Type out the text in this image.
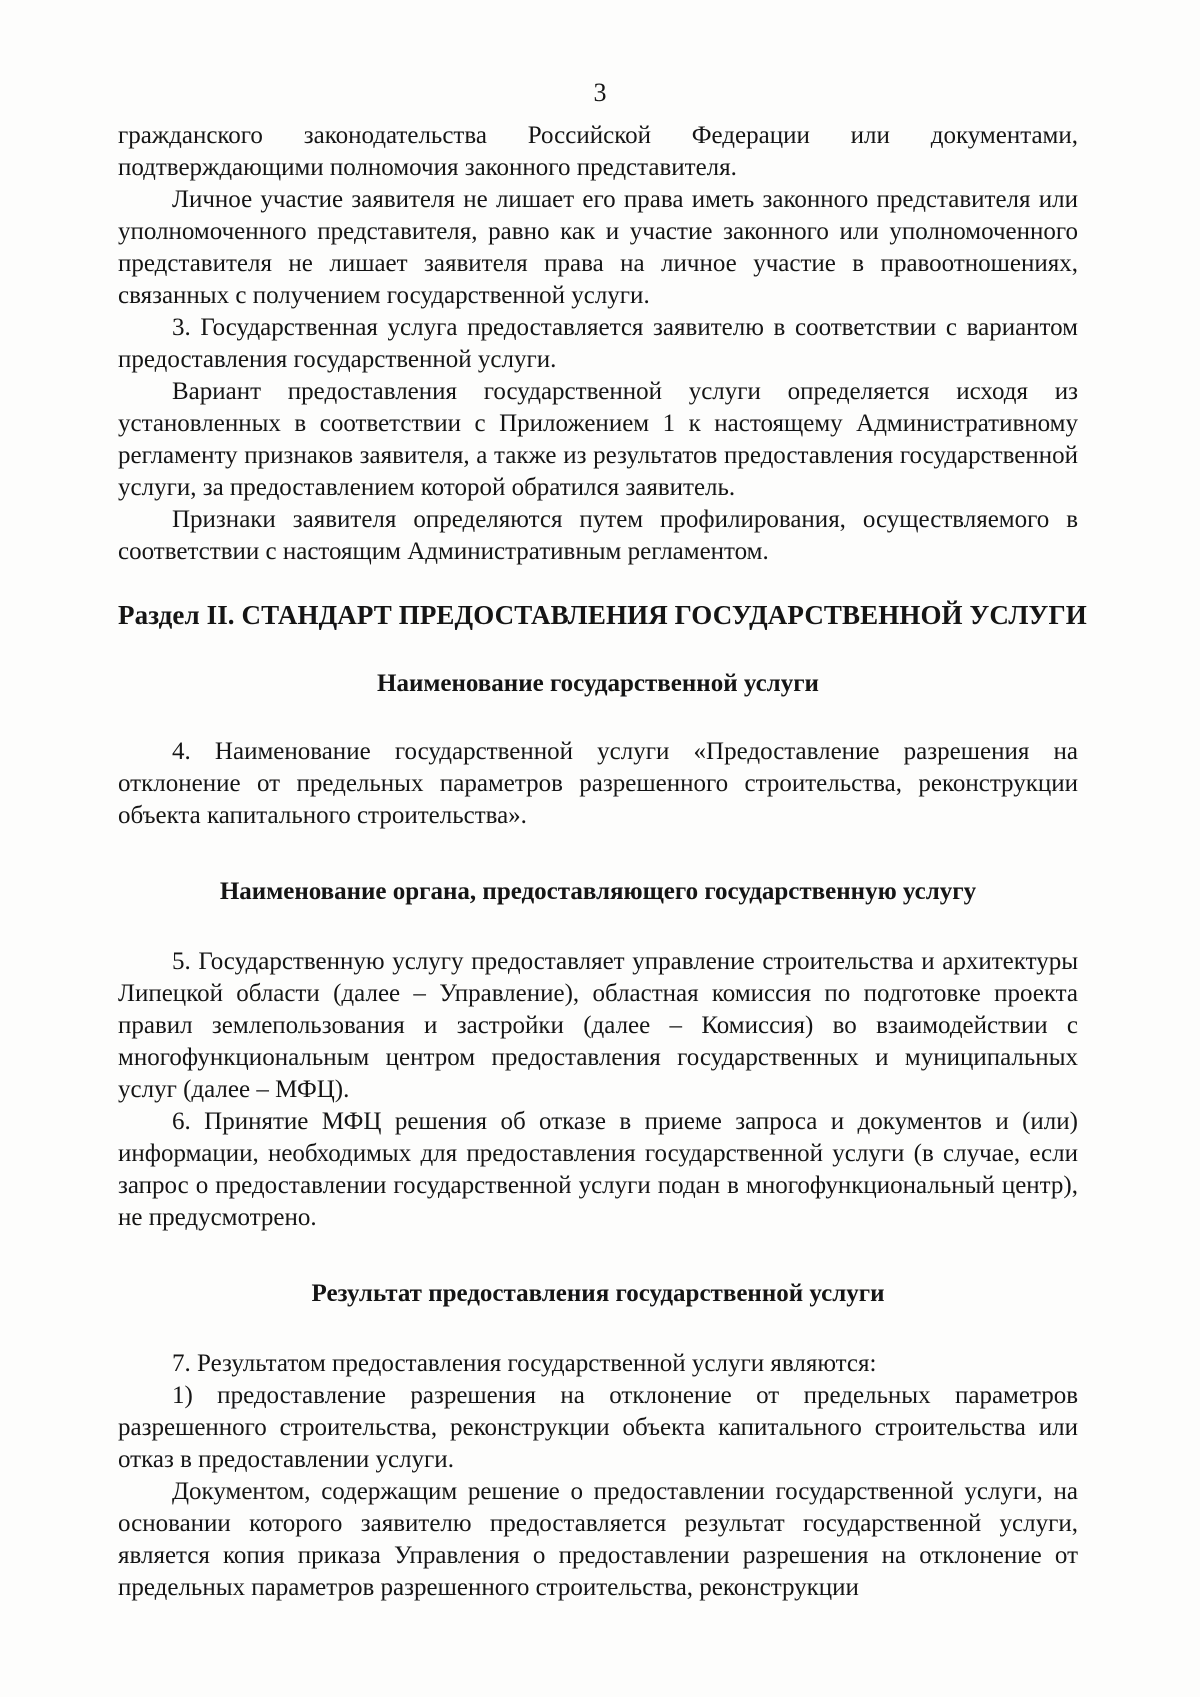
3

гражданского законодательства Российской Федерации или документами, подтверждающими полномочия законного представителя.

Личное участие заявителя не лишает его права иметь законного представителя или уполномоченного представителя, равно как и участие законного или уполномоченного представителя не лишает заявителя права на личное участие в правоотношениях, связанных с получением государственной услуги.

3. Государственная услуга предоставляется заявителю в соответствии с вариантом предоставления государственной услуги.

Вариант предоставления государственной услуги определяется исходя из установленных в соответствии с Приложением 1 к настоящему Административному регламенту признаков заявителя, а также из результатов предоставления государственной услуги, за предоставлением которой обратился заявитель.

Признаки заявителя определяются путем профилирования, осуществляемого в соответствии с настоящим Административным регламентом.

Раздел II. СТАНДАРТ ПРЕДОСТАВЛЕНИЯ ГОСУДАРСТВЕННОЙ УСЛУГИ
Наименование государственной услуги

4. Наименование государственной услуги «Предоставление разрешения на отклонение от предельных параметров разрешенного строительства, реконструкции объекта капитального строительства».

Наименование органа, предоставляющего государственную услугу

5. Государственную услугу предоставляет управление строительства и архитектуры Липецкой области (далее – Управление), областная комиссия по подготовке проекта правил землепользования и застройки (далее – Комиссия) во взаимодействии с многофункциональным центром предоставления государственных и муниципальных услуг (далее – МФЦ).

6. Принятие МФЦ решения об отказе в приеме запроса и документов и (или) информации, необходимых для предоставления государственной услуги (в случае, если запрос о предоставлении государственной услуги подан в многофункциональный центр), не предусмотрено.

Результат предоставления государственной услуги

7. Результатом предоставления государственной услуги являются:

1) предоставление разрешения на отклонение от предельных параметров разрешенного строительства, реконструкции объекта капитального строительства или отказ в предоставлении услуги.

Документом, содержащим решение о предоставлении государственной услуги, на основании которого заявителю предоставляется результат государственной услуги, является копия приказа Управления о предоставлении разрешения на отклонение от предельных параметров разрешенного строительства, реконструкции
